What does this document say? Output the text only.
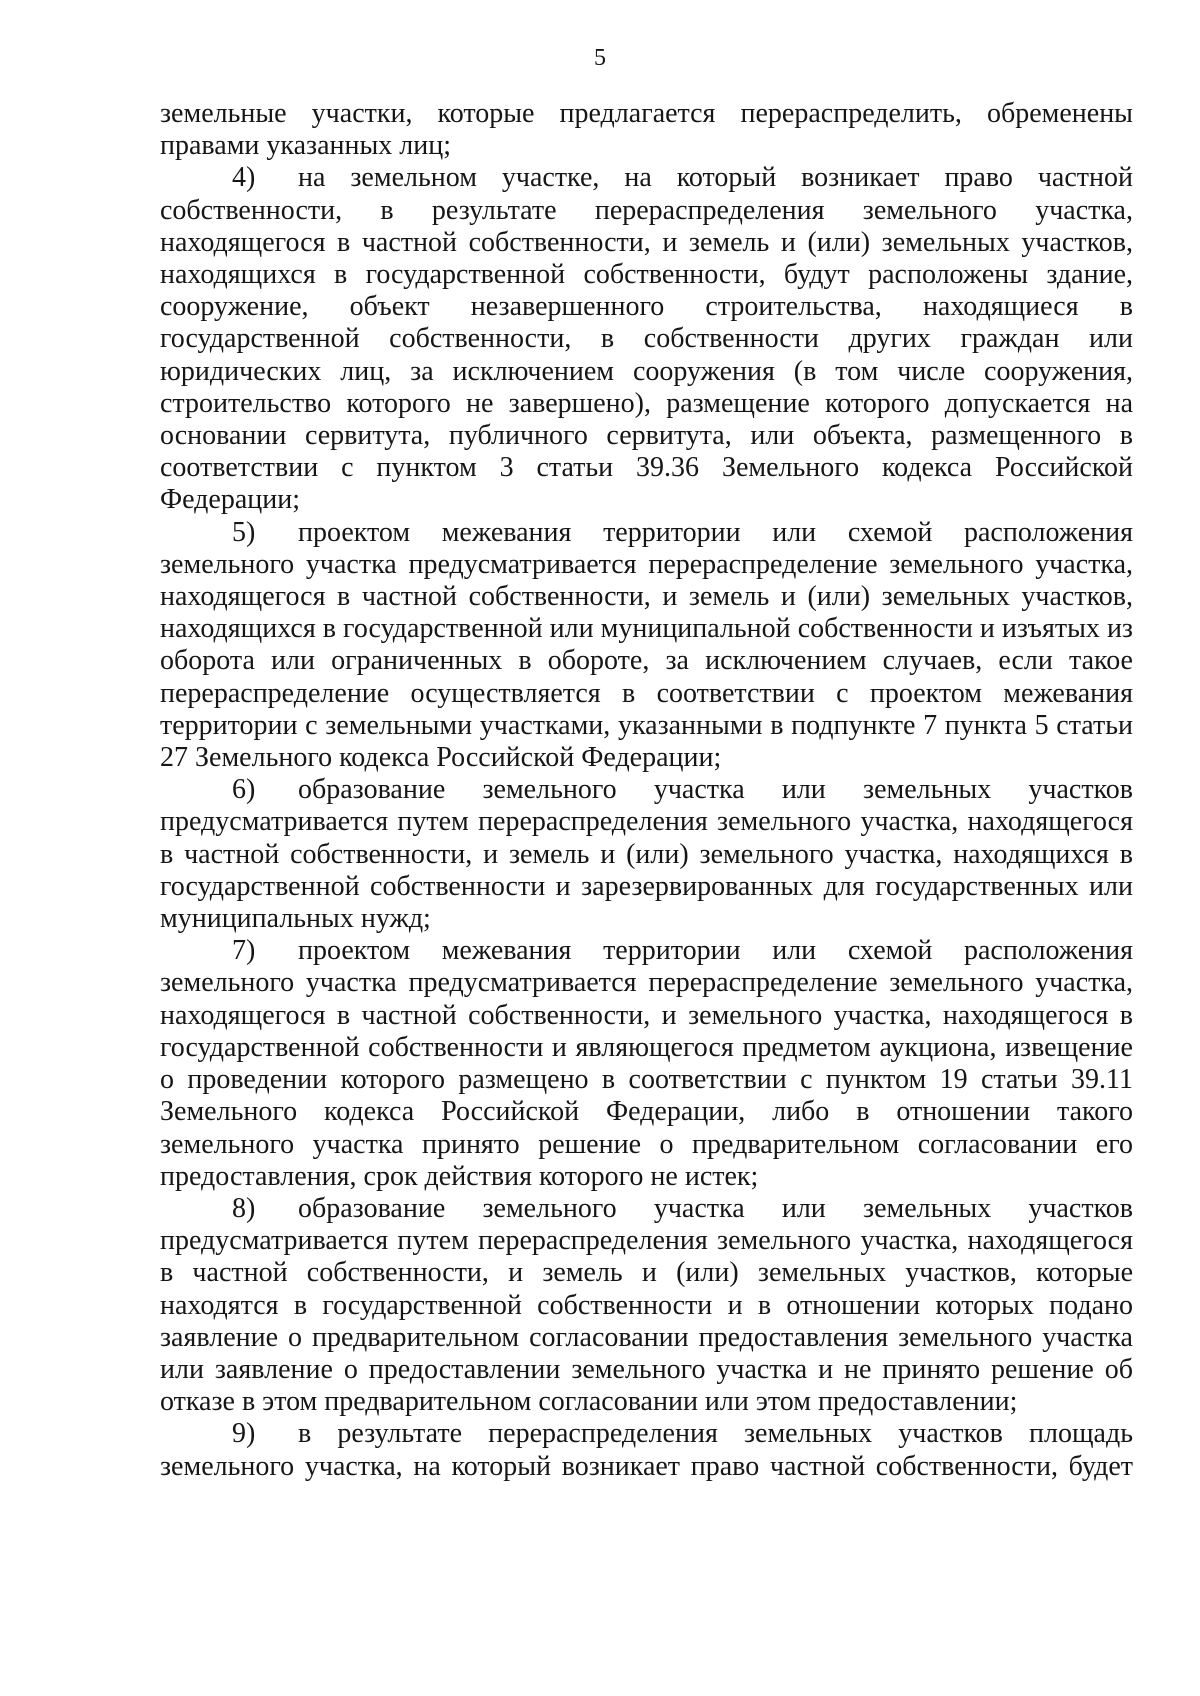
5

земельные участки, которые предлагается перераспределить, обременены правами указанных лиц;

4) на земельном участке, на который возникает право частной собственности, в результате перераспределения земельного участка, находящегося в частной собственности, и земель и (или) земельных участков, находящихся в государственной собственности, будут расположены здание, сооружение, объект незавершенного строительства, находящиеся в государственной собственности, в собственности других граждан или юридических лиц, за исключением сооружения (в том числе сооружения, строительство которого не завершено), размещение которого допускается на основании сервитута, публичного сервитута, или объекта, размещенного в соответствии с пунктом 3 статьи 39.36 Земельного кодекса Российской Федерации;

5) проектом межевания территории или схемой расположения земельного участка предусматривается перераспределение земельного участка, находящегося в частной собственности, и земель и (или) земельных участков, находящихся в государственной или муниципальной собственности и изъятых из оборота или ограниченных в обороте, за исключением случаев, если такое перераспределение осуществляется в соответствии с проектом межевания территории с земельными участками, указанными в подпункте 7 пункта 5 статьи 27 Земельного кодекса Российской Федерации;

6) образование земельного участка или земельных участков предусматривается путем перераспределения земельного участка, находящегося в частной собственности, и земель и (или) земельного участка, находящихся в государственной собственности и зарезервированных для государственных или муниципальных нужд;

7) проектом межевания территории или схемой расположения земельного участка предусматривается перераспределение земельного участка, находящегося в частной собственности, и земельного участка, находящегося в государственной собственности и являющегося предметом аукциона, извещение о проведении которого размещено в соответствии с пунктом 19 статьи 39.11 Земельного кодекса Российской Федерации, либо в отношении такого земельного участка принято решение о предварительном согласовании его предоставления, срок действия которого не истек;

8) образование земельного участка или земельных участков предусматривается путем перераспределения земельного участка, находящегося в частной собственности, и земель и (или) земельных участков, которые находятся в государственной собственности и в отношении которых подано заявление о предварительном согласовании предоставления земельного участка или заявление о предоставлении земельного участка и не принято решение об отказе в этом предварительном согласовании или этом предоставлении;

9) в результате перераспределения земельных участков площадь земельного участка, на который возникает право частной собственности, будет
